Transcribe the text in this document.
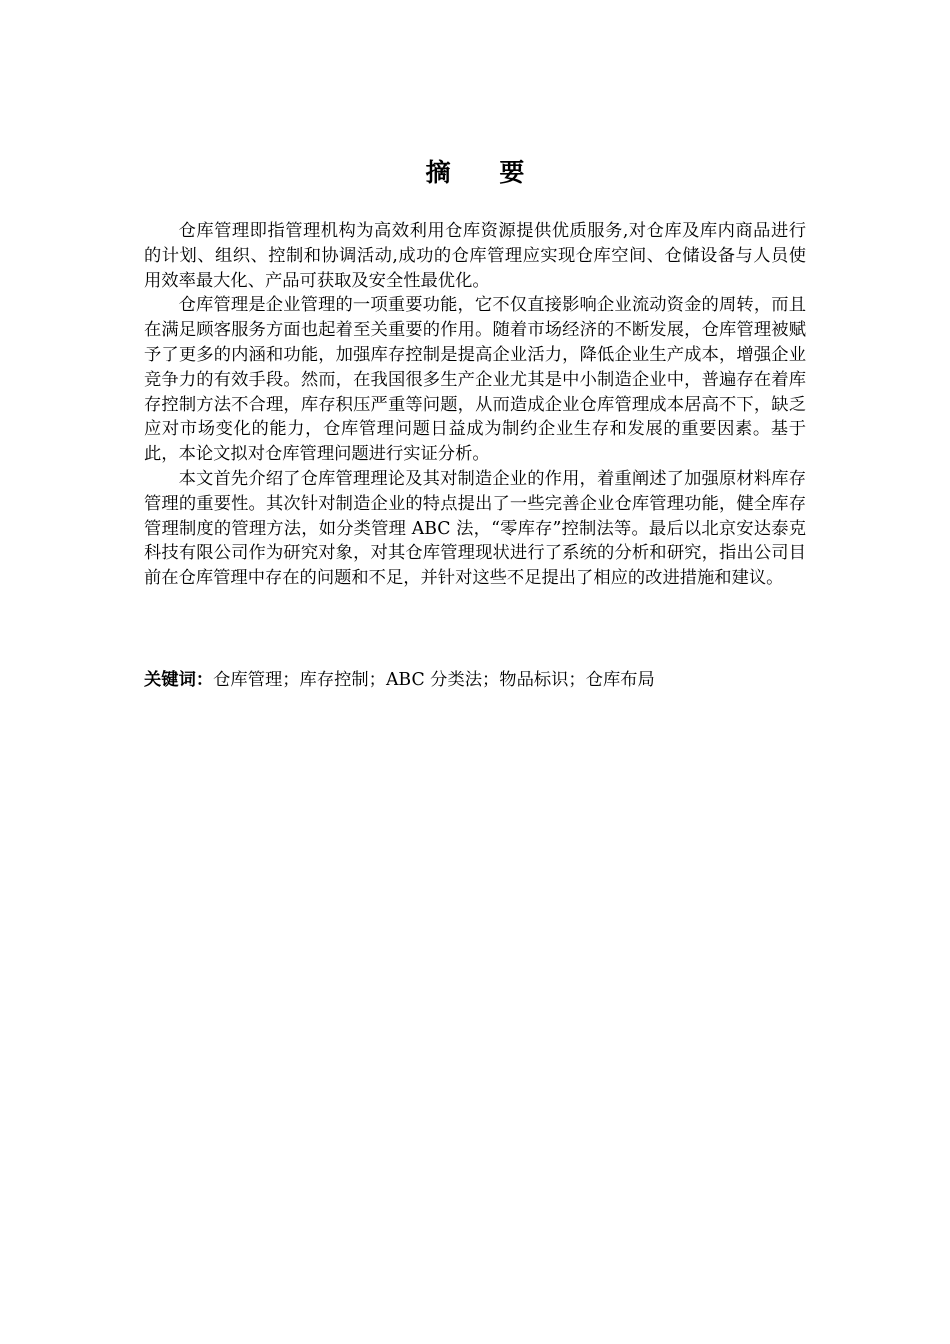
摘 要

仓库管理即指管理机构为高效利用仓库资源提供优质服务,对仓库及库内商品进行的计划、组织、控制和协调活动,成功的仓库管理应实现仓库空间、仓储设备与人员使用效率最大化、产品可获取及安全性最优化。

仓库管理是企业管理的一项重要功能，它不仅直接影响企业流动资金的周转，而且在满足顾客服务方面也起着至关重要的作用。随着市场经济的不断发展，仓库管理被赋予了更多的内涵和功能，加强库存控制是提高企业活力，降低企业生产成本，增强企业竞争力的有效手段。然而，在我国很多生产企业尤其是中小制造企业中，普遍存在着库存控制方法不合理，库存积压严重等问题，从而造成企业仓库管理成本居高不下，缺乏应对市场变化的能力，仓库管理问题日益成为制约企业生存和发展的重要因素。基于此，本论文拟对仓库管理问题进行实证分析。

本文首先介绍了仓库管理理论及其对制造企业的作用，着重阐述了加强原材料库存管理的重要性。其次针对制造企业的特点提出了一些完善企业仓库管理功能，健全库存管理制度的管理方法，如分类管理 ABC 法，“零库存”控制法等。最后以北京安达泰克科技有限公司作为研究对象，对其仓库管理现状进行了系统的分析和研究，指出公司目前在仓库管理中存在的问题和不足，并针对这些不足提出了相应的改进措施和建议。

关键词：仓库管理；库存控制；ABC 分类法；物品标识；仓库布局
